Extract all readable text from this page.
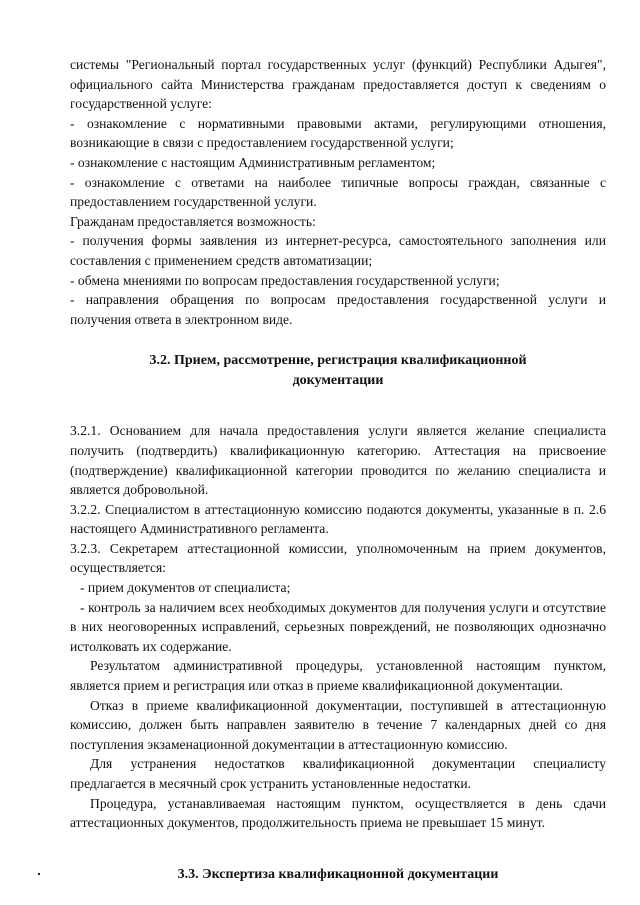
системы "Региональный портал государственных услуг (функций) Республики Адыгея", официального сайта Министерства гражданам предоставляется доступ к сведениям о государственной услуге:

- ознакомление с нормативными правовыми актами, регулирующими отношения, возникающие в связи с предоставлением государственной услуги;

- ознакомление с настоящим Административным регламентом;

- ознакомление с ответами на наиболее типичные вопросы граждан, связанные с предоставлением государственной услуги.

Гражданам предоставляется возможность:

- получения формы заявления из интернет-ресурса, самостоятельного заполнения или составления с применением средств автоматизации;

- обмена мнениями по вопросам предоставления государственной услуги;

- направления обращения по вопросам предоставления государственной услуги и получения ответа в электронном виде.

3.2. Прием, рассмотрение, регистрация квалификационной
документации

3.2.1. Основанием для начала предоставления услуги является желание специалиста получить (подтвердить) квалификационную категорию. Аттестация на присвоение (подтверждение) квалификационной категории проводится по желанию специалиста и является добровольной.

3.2.2. Специалистом в аттестационную комиссию подаются документы, указанные в п. 2.6 настоящего Административного регламента.

3.2.3. Секретарем аттестационной комиссии, уполномоченным на прием документов, осуществляется:

- прием документов от специалиста;

- контроль за наличием всех необходимых документов для получения услуги и отсутствие в них неоговоренных исправлений, серьезных повреждений, не позволяющих однозначно истолковать их содержание.

Результатом административной процедуры, установленной настоящим пунктом, является прием и регистрация или отказ в приеме квалификационной документации.

Отказ в приеме квалификационной документации, поступившей в аттестационную комиссию, должен быть направлен заявителю в течение 7 календарных дней со дня поступления экзаменационной документации в аттестационную комиссию.

Для устранения недостатков квалификационной документации специалисту предлагается в месячный срок устранить установленные недостатки.

Процедура, устанавливаемая настоящим пунктом, осуществляется в день сдачи аттестационных документов, продолжительность приема не превышает 15 минут.

3.3. Экспертиза квалификационной документации
